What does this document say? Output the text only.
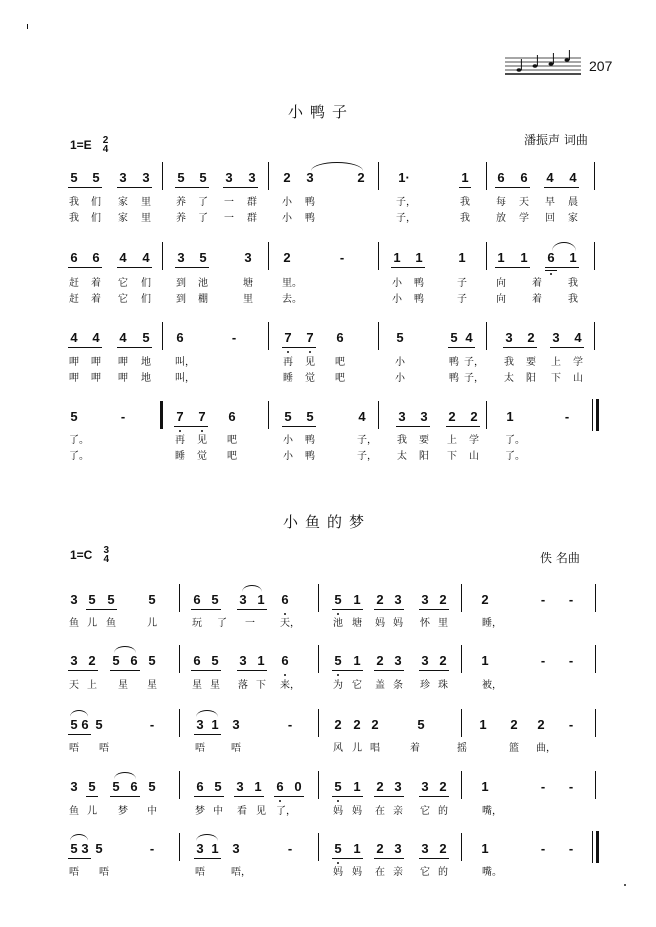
207
小鸭子
1=E 2
4
潘振声 词曲
5 5 3 3 5 5 3 3 2 3	2	1·	1 6 6 4 4
我 们 家 里	养 了 一 群	小 鸭	子，	我	每 天 早 晨
我 们 家 里	养 了 一 群	小 鸭	子，	我	放 学 回 家
6 6 4 4 3 5	3 2	-	1 1	1 1 1 6 1
赶 着 它 们	到 池	塘	里。	小 鸭	子	向	着	我
赶 着 它 们	到 棚	里	去。	小 鸭	子	向	着	我
4 4 4 5 6	-	7 7 6	5	5 4	3 2 3 4
呷 呷 呷 地 叫，	再 见 吧	小	鸭 子， 我 要 上 学
呷 呷 呷 地 叫，	睡 觉 吧	小	鸭 子， 太 阳 下 山
5	-	7 7 6	5 5	4	3 3 2 2 1	-
了。	再 见 吧	小 鸭	子， 我 要 上 学	了。
了。	睡 觉 吧	小 鸭	子， 太 阳 下 山	了。
小鱼的梦
1=C 3
4	佚 名曲
3 5 5	5	6 5 3 1 6	5 1 2 3 3 2	2	- -
鱼 儿 鱼	儿	玩 了 一	天，	池 塘 妈 妈 怀 里	睡，
3 2 5 6 5	6 5 3 1 6	5 1 2 3 3 2	1	- -
天 上 星 星	星 星 落 下 来，	为 它 盖 条 珍 珠	被，
5 6 5	-	3 1 3	-	2 2 2	5	1 2 2 -
唔 唔	唔	唔	风 儿 唱	着	摇	篮 曲，
3 5 5 6 5	6 5 3 1 6 0	5 1 2 3 3 2	1	- -
鱼 儿 梦 中	梦 中 看 见 了，	妈 妈 在 亲 它 的	嘴，
5 3 5	-	3 1 3	-	5 1 2 3 3 2	1	- -
唔 唔	唔	唔，	妈 妈 在 亲 它 的	嘴。
